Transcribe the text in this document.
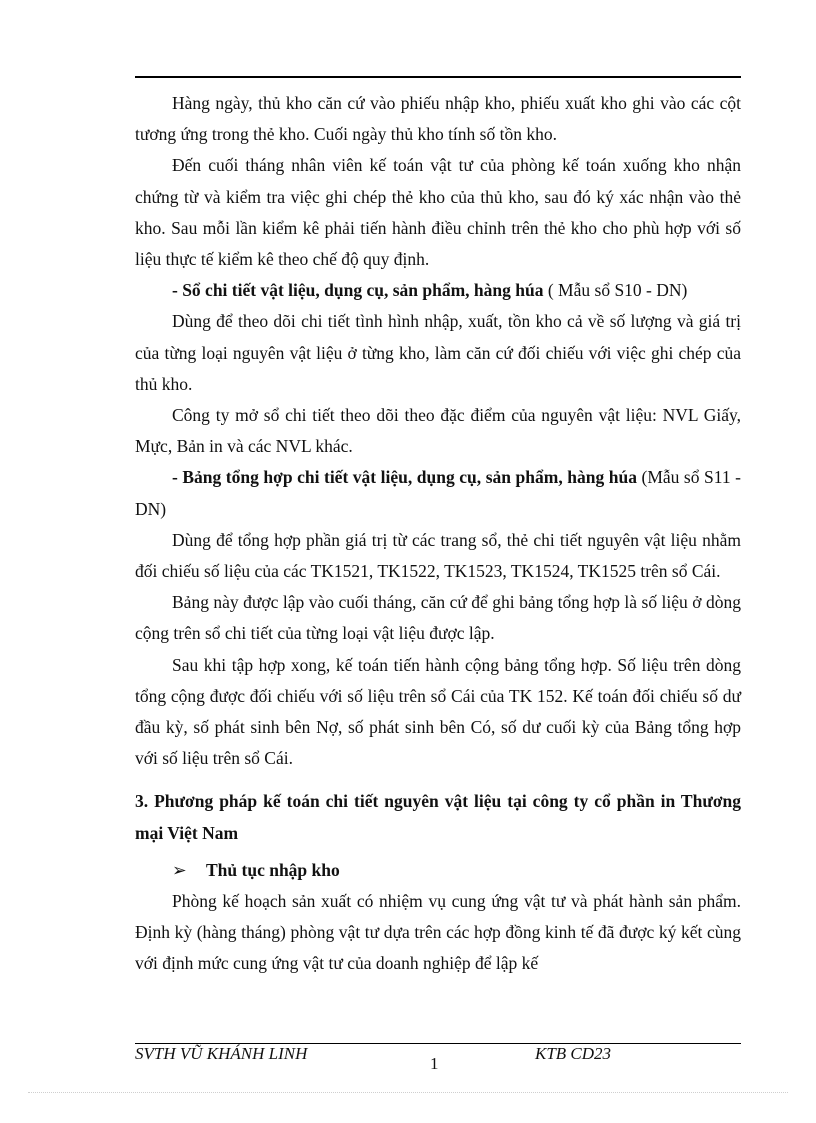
Hàng ngày, thủ kho căn cứ vào phiếu nhập kho, phiếu xuất kho ghi vào các cột tương ứng trong thẻ kho. Cuối ngày thủ kho tính số tồn kho.

Đến cuối tháng nhân viên kế toán vật tư của phòng kế toán xuống kho nhận chứng từ và kiểm tra việc ghi chép thẻ kho của thủ kho, sau đó ký xác nhận vào thẻ kho. Sau mỗi lần kiểm kê phải tiến hành điều chỉnh trên thẻ kho cho phù hợp với số liệu thực tế kiểm kê theo chế độ quy định.

- Sổ chi tiết vật liệu, dụng cụ, sản phẩm, hàng húa ( Mẫu sổ S10 - DN)

Dùng để theo dõi chi tiết tình hình nhập, xuất, tồn kho cả về số lượng và giá trị của từng loại nguyên vật liệu ở từng kho, làm căn cứ đối chiếu với việc ghi chép của thủ kho.

Công ty mở sổ chi tiết theo dõi theo đặc điểm của nguyên vật liệu: NVL Giấy, Mực, Bản in và các NVL khác.

- Bảng tổng hợp chi tiết vật liệu, dụng cụ, sản phẩm, hàng húa (Mẫu sổ S11 - DN)

Dùng để tổng hợp phần giá trị từ các trang sổ, thẻ chi tiết nguyên vật liệu nhằm đối chiếu số liệu của các TK1521, TK1522, TK1523, TK1524, TK1525 trên sổ Cái.

Bảng này được lập vào cuối tháng, căn cứ để ghi bảng tổng hợp là số liệu ở dòng cộng trên sổ chi tiết của từng loại vật liệu được lập.

Sau khi tập hợp xong, kế toán tiến hành cộng bảng tổng hợp. Số liệu trên dòng tổng cộng được đối chiếu với số liệu trên sổ Cái của TK 152. Kế toán đối chiếu số dư đầu kỳ, số phát sinh bên Nợ, số phát sinh bên Có, số dư cuối kỳ của Bảng tổng hợp với số liệu trên sổ Cái.

3. Phương pháp kế toán chi tiết nguyên vật liệu tại công ty cổ phần in Thương mại Việt Nam

➢ Thủ tục nhập kho

Phòng kế hoạch sản xuất có nhiệm vụ cung ứng vật tư và phát hành sản phẩm. Định kỳ (hàng tháng) phòng vật tư dựa trên các hợp đồng kinh tế đã được ký kết cùng với định mức cung ứng vật tư của doanh nghiệp để lập kế

SVTH VŨ KHÁNH LINH
1
KTB CD23
